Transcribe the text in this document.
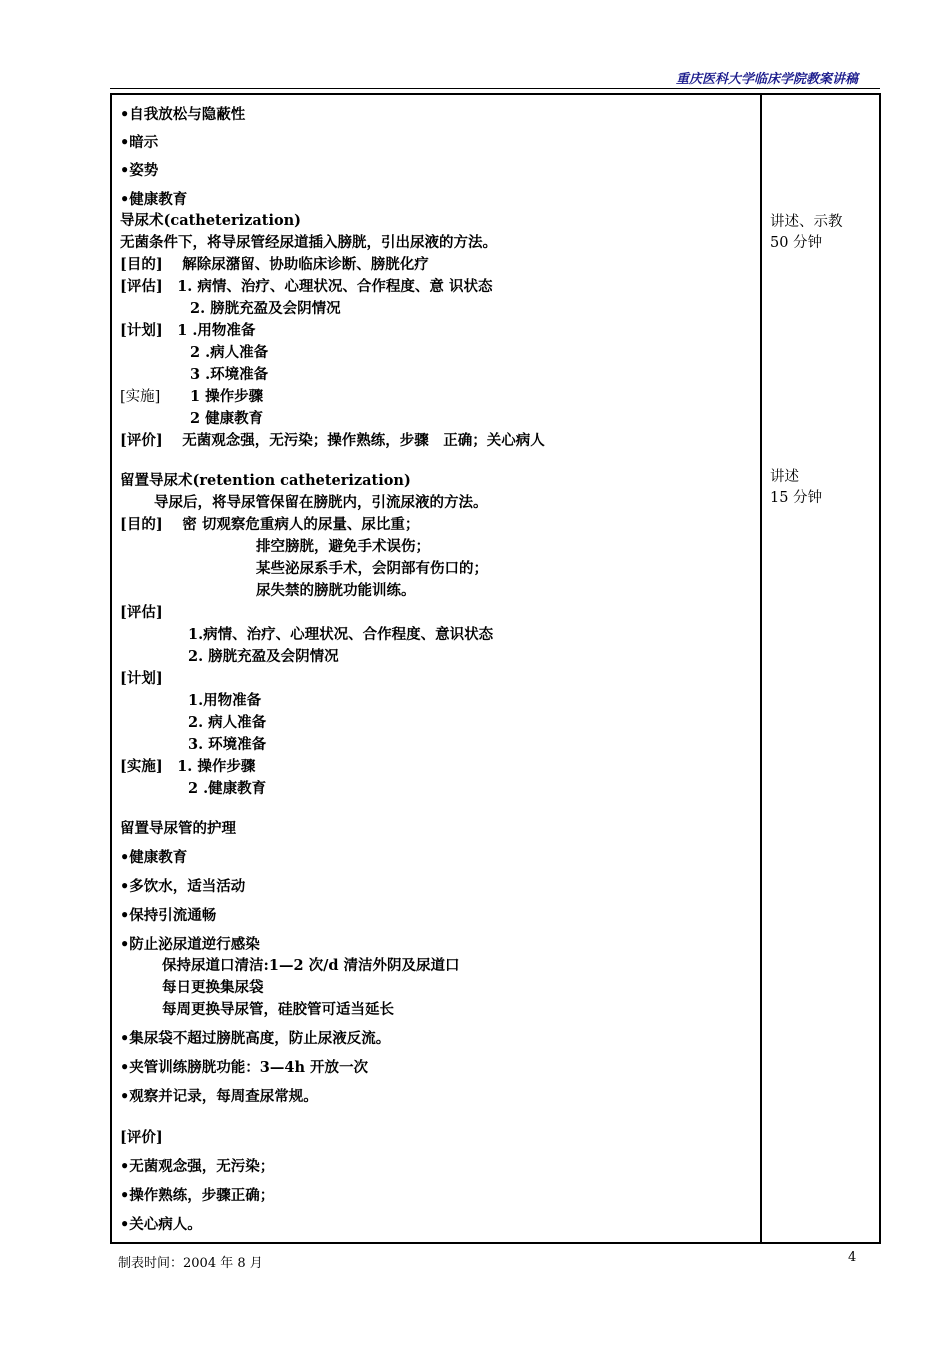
重庆医科大学临床学院教案讲稿
•自我放松与隐蔽性
•暗示
•姿势
•健康教育
导尿术(catheterization)
无菌条件下，将导尿管经尿道插入膀胱，引出尿液的方法。
[目的]　 解除尿潴留、协助临床诊断、膀胱化疗
[评估]　1. 病情、治疗、心理状况、合作程度、意 识状态
2. 膀胱充盈及会阴情况
[计划]　1 .用物准备
2 .病人准备
3 .环境准备
[实施] 1 操作步骤
2 健康教育
[评价]　 无菌观念强，无污染；操作熟练，步骤　正确；关心病人
留置导尿术(retention catheterization)
导尿后，将导尿管保留在膀胱内，引流尿液的方法。
[目的]　 密 切观察危重病人的尿量、尿比重；
排空膀胱，避免手术误伤；
某些泌尿系手术，会阴部有伤口的；
尿失禁的膀胱功能训练。
[评估]
1.病情、治疗、心理状况、合作程度、意识状态
2. 膀胱充盈及会阴情况
[计划]
1.用物准备
2. 病人准备
3. 环境准备
[实施]　1. 操作步骤
2 .健康教育
留置导尿管的护理
•健康教育
•多饮水，适当活动
•保持引流通畅
•防止泌尿道逆行感染
保持尿道口清洁:1—2 次/d 清洁外阴及尿道口
每日更换集尿袋
每周更换导尿管，硅胶管可适当延长
•集尿袋不超过膀胱高度，防止尿液反流。
•夹管训练膀胱功能：3—4h 开放一次
•观察并记录，每周查尿常规。
[评价]
•无菌观念强，无污染；
•操作熟练，步骤正确；
•关心病人。
讲述、示教
50 分钟
讲述
15 分钟
制表时间：2004 年 8 月	4
